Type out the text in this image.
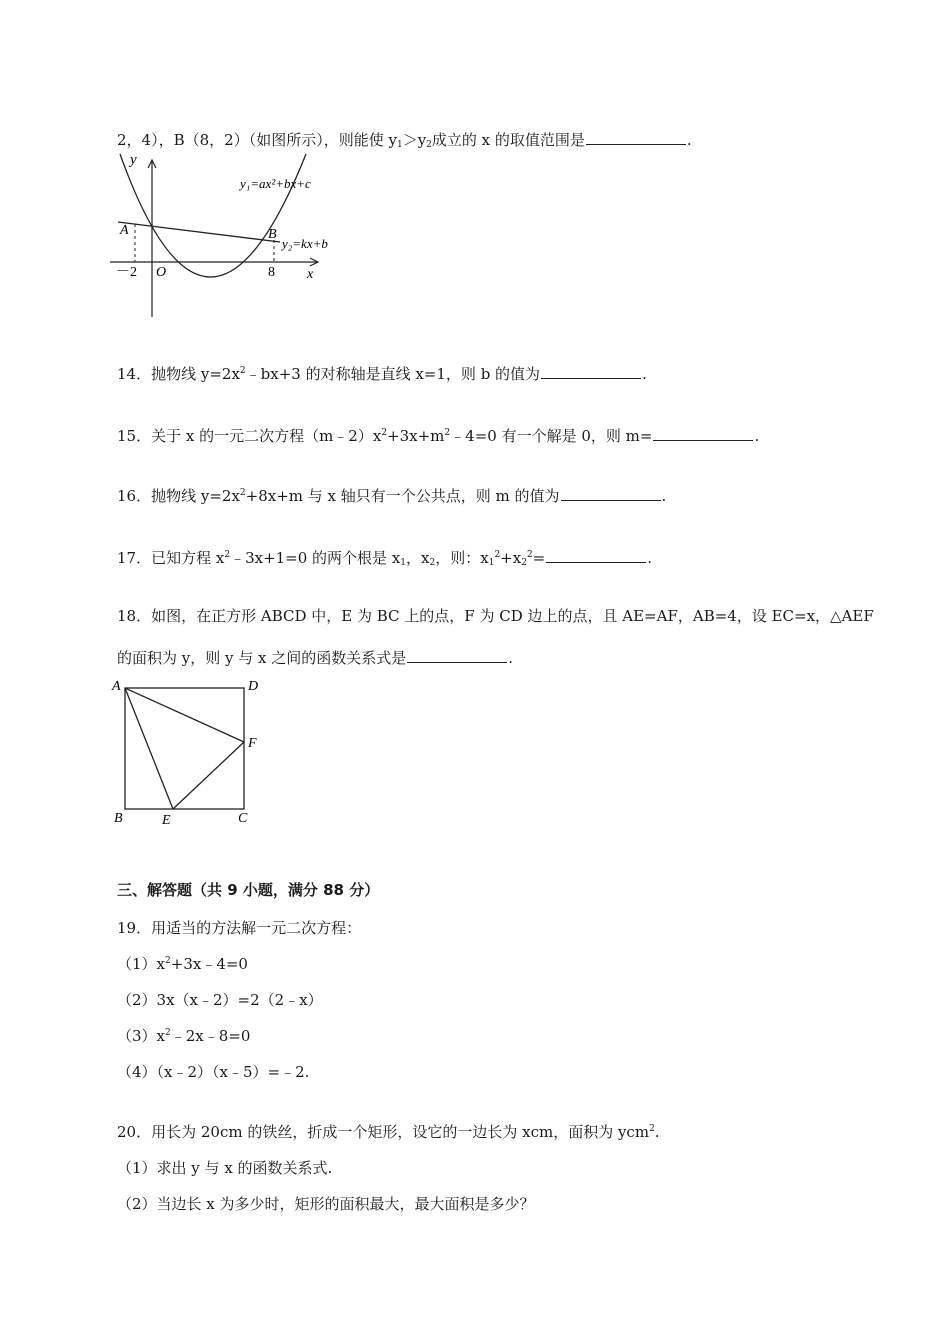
2，4），B（8，2）（如图所示），则能使 $y_1>y_2$成立的 x 的取值范围是	.
y
x
A	B
O
－2	8
y₁=ax²+bx+c
y₂=kx+b
14．抛物线 $y=2x^2﹣bx+3$ 的对称轴是直线 x=1，则 b 的值为	.
15．关于 x 的一元二次方程$(m﹣2)x^2+3x+m^2﹣4=0$ 有一个解是 0，则 m=	.
16．抛物线 $y=2x^2+8x+m$ 与 x 轴只有一个公共点，则 m 的值为	.
17．已知方程 $x^2﹣3x+1=0$ 的两个根是 $x_1$，$x_2$，则：$x_1^2+x_2^2=$	.
18．如图，在正方形 ABCD 中，E 为 BC 上的点，F 为 CD 边上的点，且 AE=AF，AB=4，设 EC=x，△AEF
的面积为 y，则 y 与 x 之间的函数关系式是	.
A	D
F
B	E	C
三、解答题（共 9 小题，满分 88 分）
19．用适当的方法解一元二次方程：
$(1)x^2+3x﹣4=0$
（2）3x（x﹣2）=2（2﹣x）
$(3)x^2﹣2x﹣8=0$
（4）（x﹣2）（x﹣5）=﹣2.
20．用长为 20cm 的铁丝，折成一个矩形，设它的一边长为 xcm，面积为 ycm$^2$.
（1）求出 y 与 x 的函数关系式.
（2）当边长 x 为多少时，矩形的面积最大，最大面积是多少？
